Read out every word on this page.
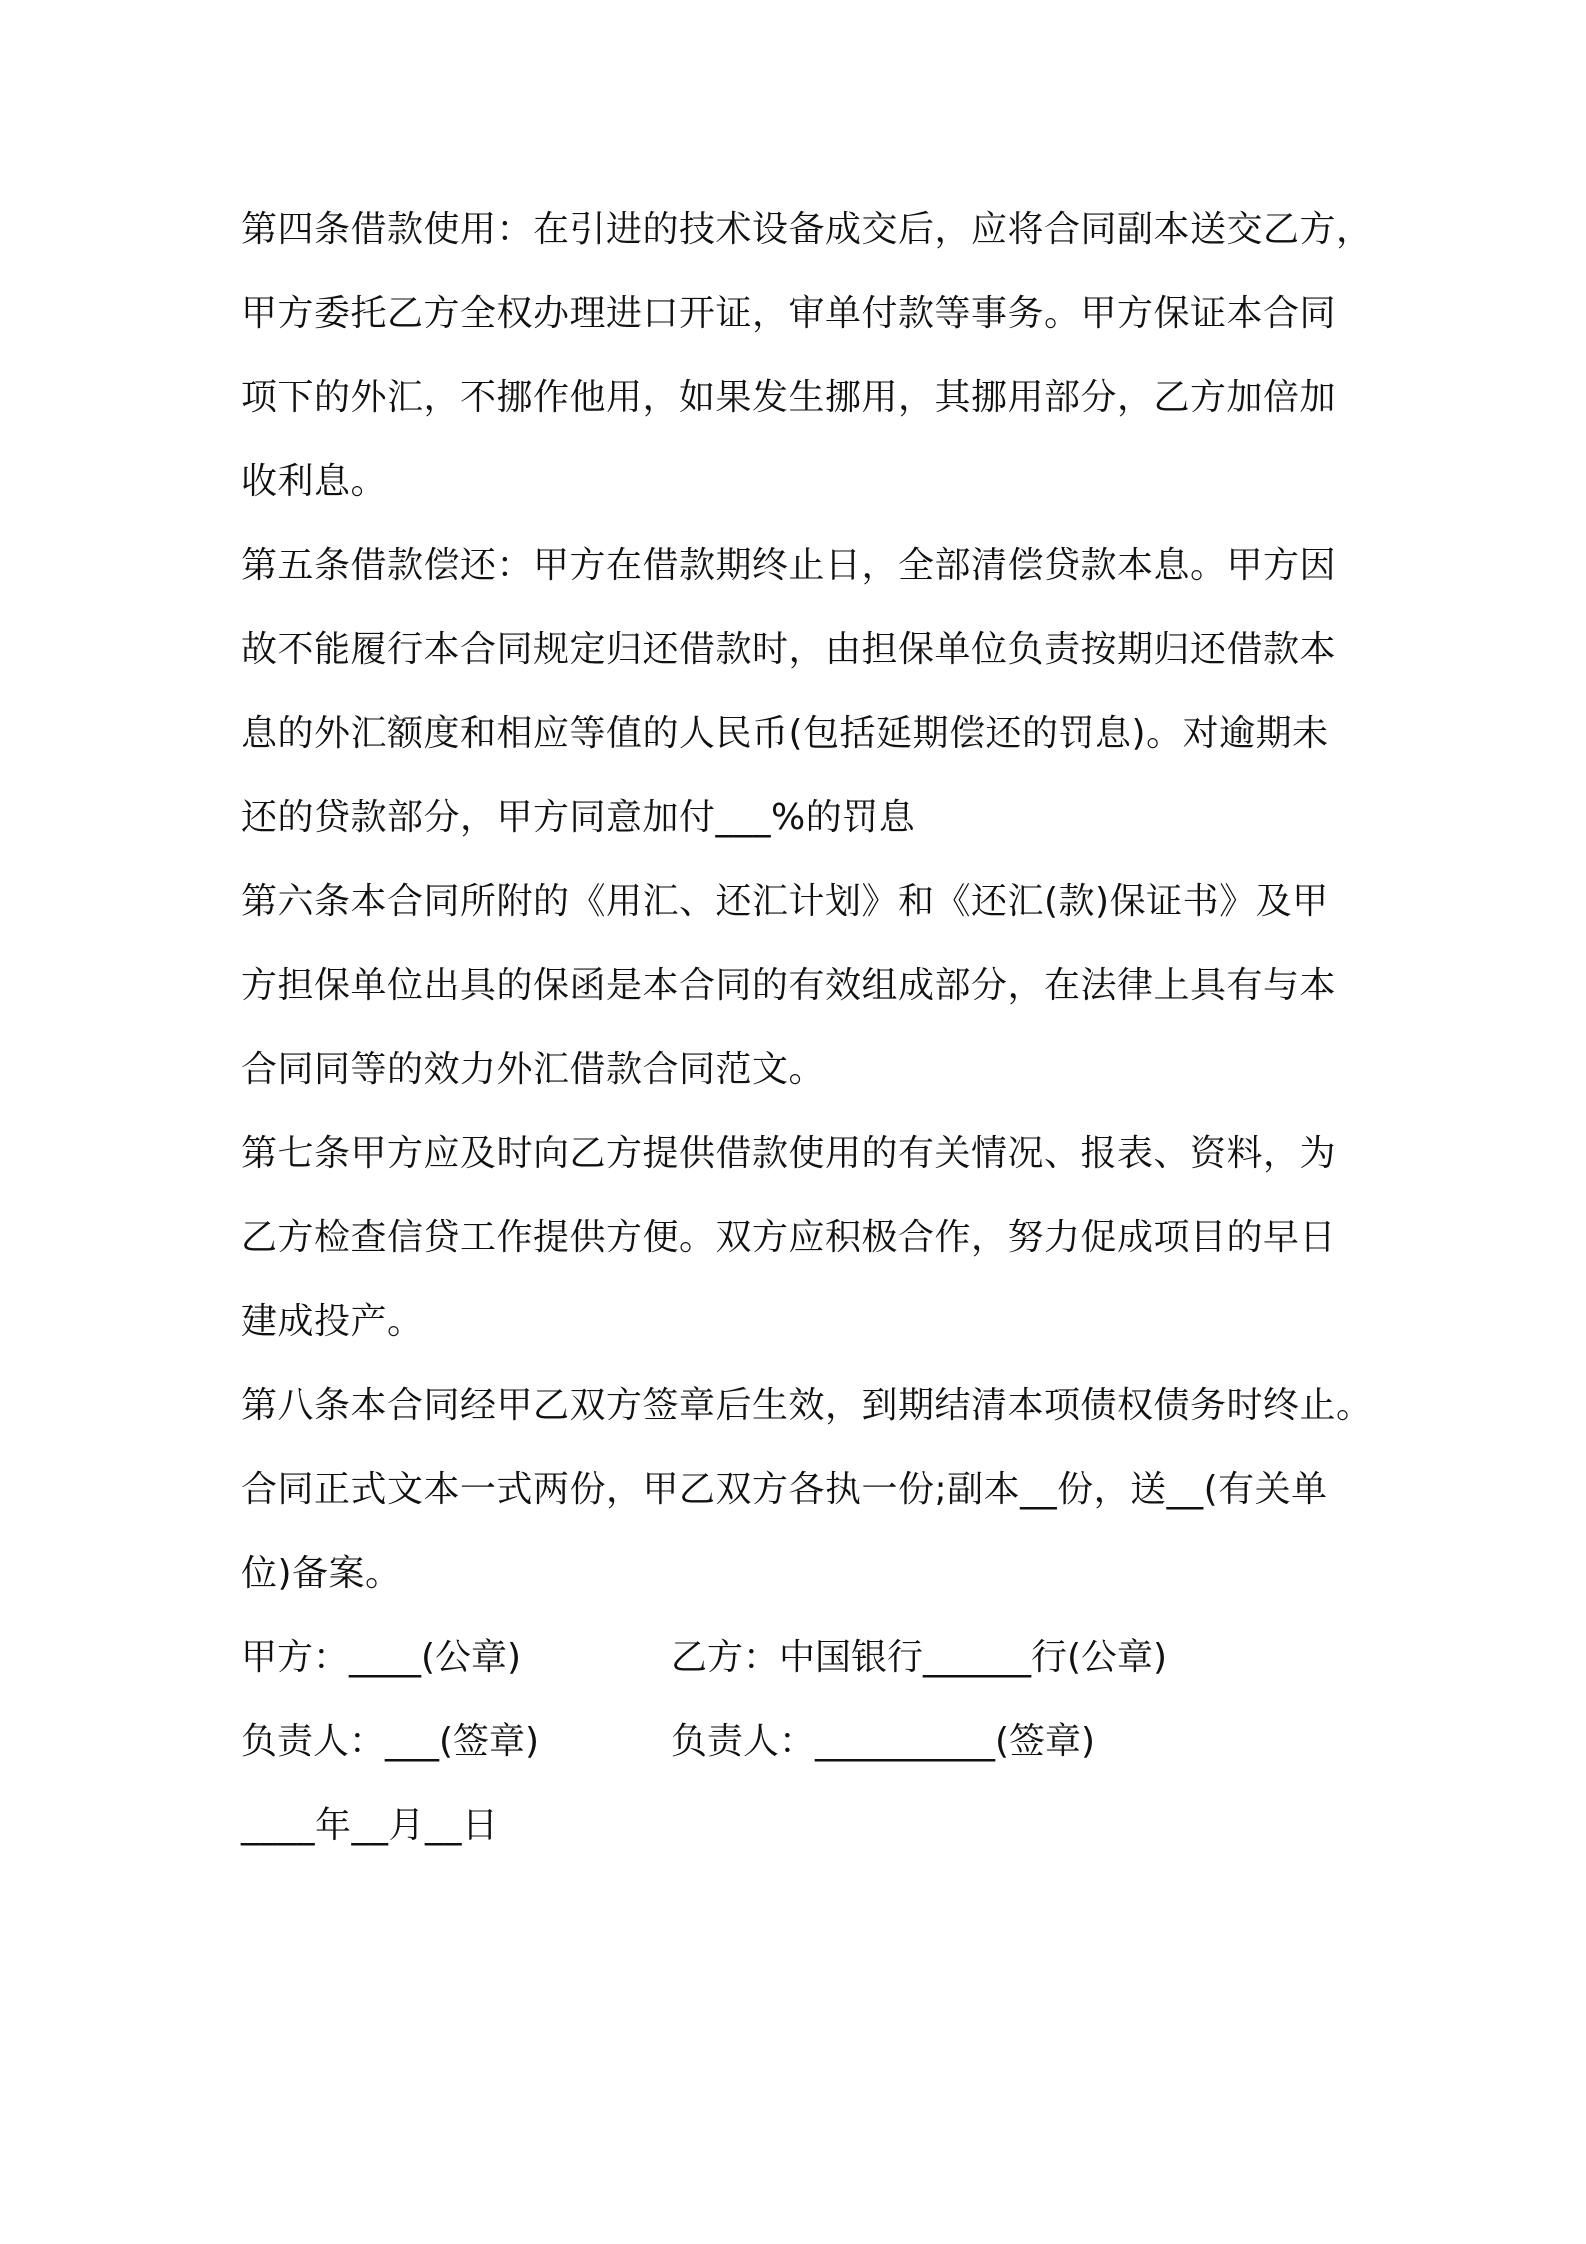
第四条借款使用：在引进的技术设备成交后，应将合同副本送交乙方，
甲方委托乙方全权办理进口开证，审单付款等事务。甲方保证本合同
项下的外汇，不挪作他用，如果发生挪用，其挪用部分，乙方加倍加
收利息。
第五条借款偿还：甲方在借款期终止日，全部清偿贷款本息。甲方因
故不能履行本合同规定归还借款时，由担保单位负责按期归还借款本
息的外汇额度和相应等值的人民币(包括延期偿还的罚息)。对逾期未
还的贷款部分，甲方同意加付___%的罚息
第六条本合同所附的《用汇、还汇计划》和《还汇(款)保证书》及甲
方担保单位出具的保函是本合同的有效组成部分，在法律上具有与本
合同同等的效力外汇借款合同范文。
第七条甲方应及时向乙方提供借款使用的有关情况、报表、资料，为
乙方检查信贷工作提供方便。双方应积极合作，努力促成项目的早日
建成投产。
第八条本合同经甲乙双方签章后生效，到期结清本项债权债务时终止。
合同正式文本一式两份，甲乙双方各执一份;副本__份，送__(有关单
位)备案。
甲方：____(公章)	乙方：中国银行______行(公章)
负责人：___(签章)	负责人：__________(签章)
____年__月__日
